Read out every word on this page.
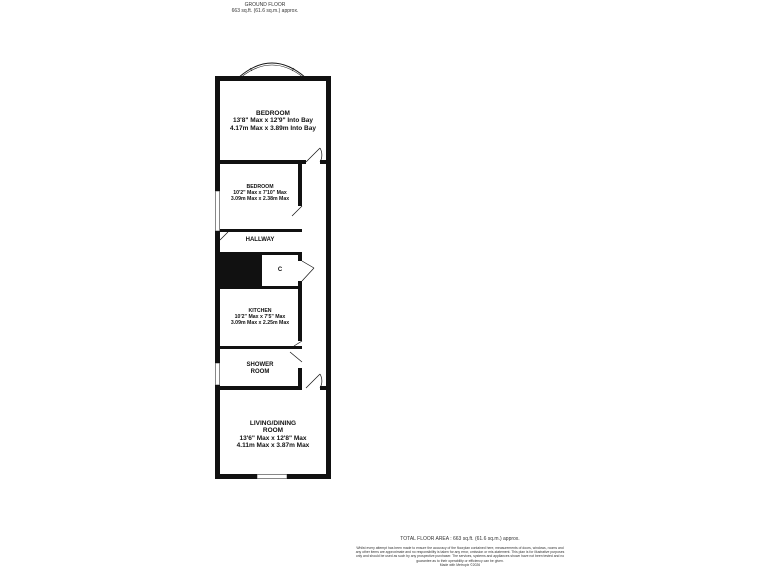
GROUND FLOOR
663 sq.ft. (61.6 sq.m.) approx.
BEDROOM
13'8" Max x 12'9" Into Bay
4.17m Max x 3.89m Into Bay
BEDROOM
10'2" Max x 7'10" Max
3.09m Max x 2.38m Max
HALLWAY
C
KITCHEN
10'2" Max x 7'5" Max
3.09m Max x 2.25m Max
SHOWER
ROOM
LIVING/DINING
ROOM
13'6" Max x 12'8" Max
4.11m Max x 3.87m Max
TOTAL FLOOR AREA : 663 sq.ft. (61.6 sq.m.) approx.
Whilst every attempt has been made to ensure the accuracy of the floorplan contained here, measurements of doors, windows, rooms and any other items are approximate and no responsibility is taken for any error, omission or mis-statement. This plan is for illustrative purposes only and should be used as such by any prospective purchaser. The services, systems and appliances shown have not been tested and no guarantee as to their operability or efficiency can be given.
Made with Metropix ©2026
